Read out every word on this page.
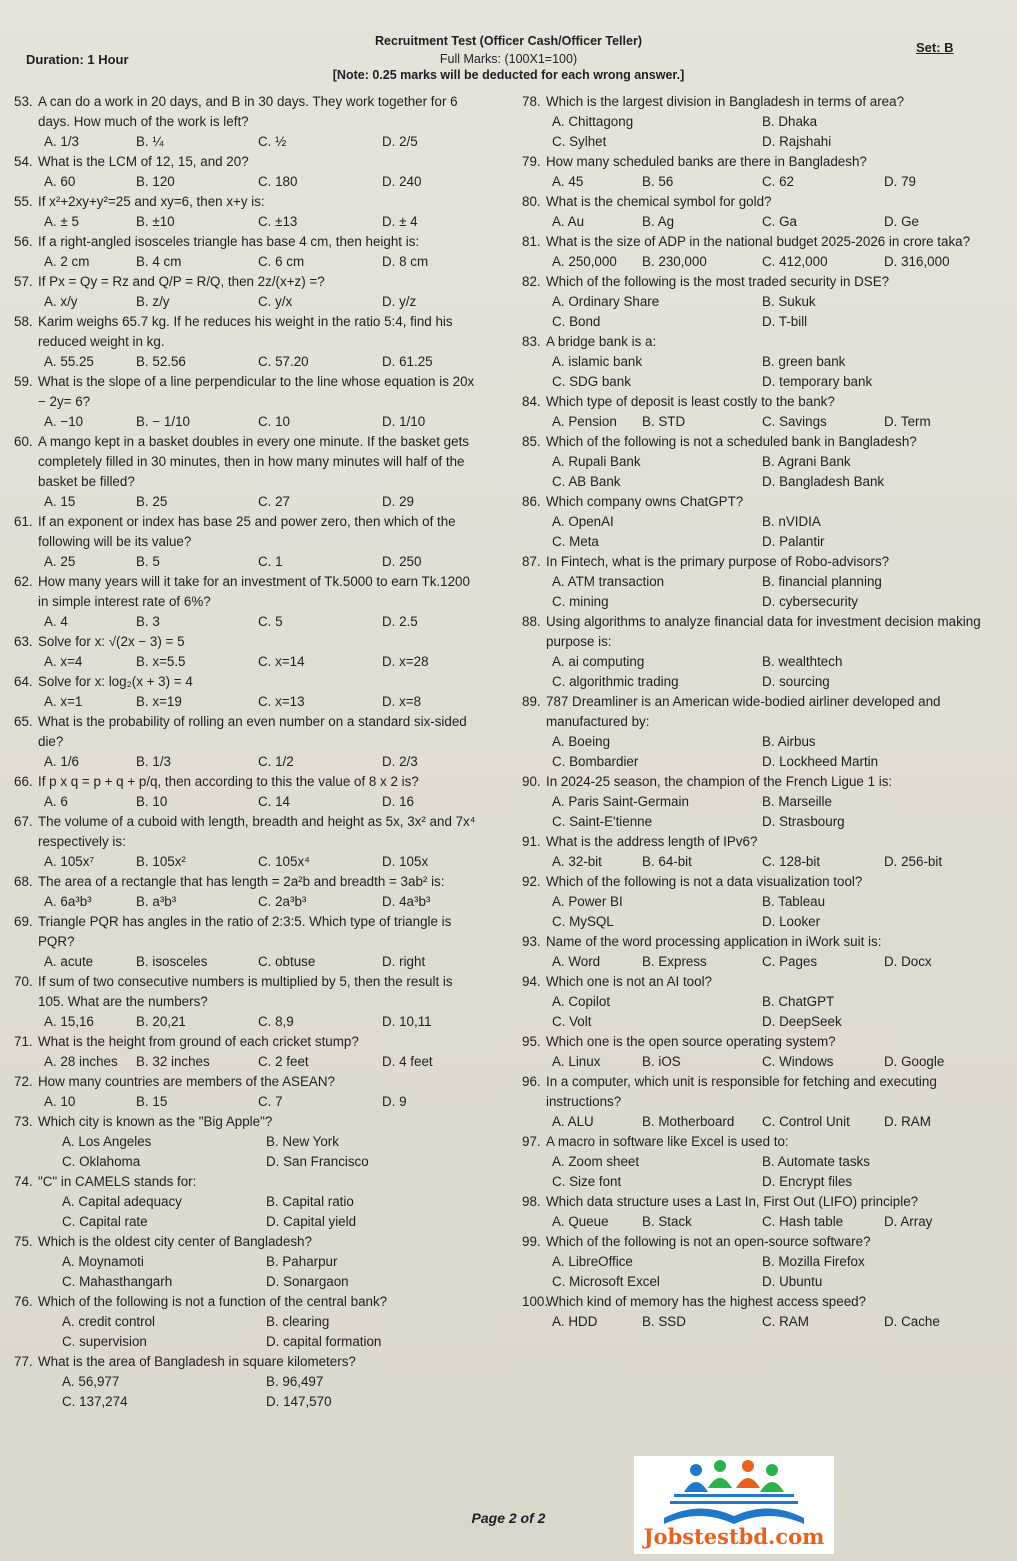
Duration: 1 Hour
Recruitment Test (Officer Cash/Officer Teller)
Full Marks: (100X1=100)
[Note: 0.25 marks will be deducted for each wrong answer.]
Set: B
53. A can do a work in 20 days, and B in 30 days. They work together for 6 days. How much of the work is left?
A. 1/3	B. ¼	C. ½	D. 2/5
54. What is the LCM of 12, 15, and 20?
A. 60	B. 120	C. 180	D. 240
55. If x²+2xy+y²=25 and xy=6, then x+y is:
A. ± 5	B. ±10	C. ±13	D. ± 4
56. If a right-angled isosceles triangle has base 4 cm, then height is:
A. 2 cm	B. 4 cm	C. 6 cm	D. 8 cm
57. If Px = Qy = Rz and Q/P = R/Q, then 2z/(x+z) =?
A. x/y	B. z/y	C. y/x	D. y/z
58. Karim weighs 65.7 kg. If he reduces his weight in the ratio 5:4, find his reduced weight in kg.
A. 55.25	B. 52.56	C. 57.20	D. 61.25
59. What is the slope of a line perpendicular to the line whose equation is 20x − 2y= 6?
A. −10	B. − 1/10	C. 10	D. 1/10
60. A mango kept in a basket doubles in every one minute. If the basket gets completely filled in 30 minutes, then in how many minutes will half of the basket be filled?
A. 15	B. 25	C. 27	D. 29
61. If an exponent or index has base 25 and power zero, then which of the following will be its value?
A. 25	B. 5	C. 1	D. 250
62. How many years will it take for an investment of Tk.5000 to earn Tk.1200 in simple interest rate of 6%?
A. 4	B. 3	C. 5	D. 2.5
63. Solve for x: √(2x − 3) = 5
A. x=4	B. x=5.5	C. x=14	D. x=28
64. Solve for x: log₂(x + 3) = 4
A. x=1	B. x=19	C. x=13	D. x=8
65. What is the probability of rolling an even number on a standard six-sided die?
A. 1/6	B. 1/3	C. 1/2	D. 2/3
66. If p x q = p + q + p/q, then according to this the value of 8 x 2 is?
A. 6	B. 10	C. 14	D. 16
67. The volume of a cuboid with length, breadth and height as 5x, 3x² and 7x⁴ respectively is:
A. 105x⁷	B. 105x²	C. 105x⁴	D. 105x
68. The area of a rectangle that has length = 2a²b and breadth = 3ab² is:
A. 6a³b³	B. a³b³	C. 2a³b³	D. 4a³b³
69. Triangle PQR has angles in the ratio of 2:3:5. Which type of triangle is PQR?
A. acute	B. isosceles	C. obtuse	D. right
70. If sum of two consecutive numbers is multiplied by 5, then the result is 105. What are the numbers?
A. 15,16	B. 20,21	C. 8,9	D. 10,11
71. What is the height from ground of each cricket stump?
A. 28 inches B. 32 inches	C. 2 feet	D. 4 feet
72. How many countries are members of the ASEAN?
A. 10	B. 15	C. 7	D. 9
73. Which city is known as the "Big Apple"?
A. Los Angeles	B. New York
C. Oklahoma	D. San Francisco
74. "C" in CAMELS stands for:
A. Capital adequacy	B. Capital ratio
C. Capital rate	D. Capital yield
75. Which is the oldest city center of Bangladesh?
A. Moynamoti	B. Paharpur
C. Mahasthangarh	D. Sonargaon
76. Which of the following is not a function of the central bank?
A. credit control	B. clearing
C. supervision	D. capital formation
77. What is the area of Bangladesh in square kilometers?
A. 56,977	B. 96,497
C. 137,274	D. 147,570
78. Which is the largest division in Bangladesh in terms of area?
A. Chittagong	B. Dhaka
C. Sylhet	D. Rajshahi
79. How many scheduled banks are there in Bangladesh?
A. 45	B. 56	C. 62	D. 79
80. What is the chemical symbol for gold?
A. Au	B. Ag	C. Ga	D. Ge
81. What is the size of ADP in the national budget 2025-2026 in crore taka?
A. 250,000 B. 230,000	C. 412,000	D. 316,000
82. Which of the following is the most traded security in DSE?
A. Ordinary Share	B. Sukuk
C. Bond	D. T-bill
83. A bridge bank is a:
A. islamic bank	B. green bank
C. SDG bank	D. temporary bank
84. Which type of deposit is least costly to the bank?
A. Pension B. STD	C. Savings	D. Term
85. Which of the following is not a scheduled bank in Bangladesh?
A. Rupali Bank	B. Agrani Bank
C. AB Bank	D. Bangladesh Bank
86. Which company owns ChatGPT?
A. OpenAI	B. nVIDIA
C. Meta	D. Palantir
87. In Fintech, what is the primary purpose of Robo-advisors?
A. ATM transaction	B. financial planning
C. mining	D. cybersecurity
88. Using algorithms to analyze financial data for investment decision making purpose is:
A. ai computing	B. wealthtech
C. algorithmic trading	D. sourcing
89. 787 Dreamliner is an American wide-bodied airliner developed and manufactured by:
A. Boeing	B. Airbus
C. Bombardier	D. Lockheed Martin
90. In 2024-25 season, the champion of the French Ligue 1 is:
A. Paris Saint-Germain	B. Marseille
C. Saint-E'tienne	D. Strasbourg
91. What is the address length of IPv6?
A. 32-bit	B. 64-bit	C. 128-bit	D. 256-bit
92. Which of the following is not a data visualization tool?
A. Power BI	B. Tableau
C. MySQL	D. Looker
93. Name of the word processing application in iWork suit is:
A. Word	B. Express	C. Pages	D. Docx
94. Which one is not an AI tool?
A. Copilot	B. ChatGPT
C. Volt	D. DeepSeek
95. Which one is the open source operating system?
A. Linux	B. iOS	C. Windows	D. Google
96. In a computer, which unit is responsible for fetching and executing instructions?
A. ALU	B. Motherboard C. Control Unit	D. RAM
97. A macro in software like Excel is used to:
A. Zoom sheet	B. Automate tasks
C. Size font	D. Encrypt files
98. Which data structure uses a Last In, First Out (LIFO) principle?
A. Queue B. Stack	C. Hash table	D. Array
99. Which of the following is not an open-source software?
A. LibreOffice	B. Mozilla Firefox
C. Microsoft Excel	D. Ubuntu
100.Which kind of memory has the highest access speed?
A. HDD	B. SSD	C. RAM	D. Cache
Page 2 of 2
Jobstestbd.com
